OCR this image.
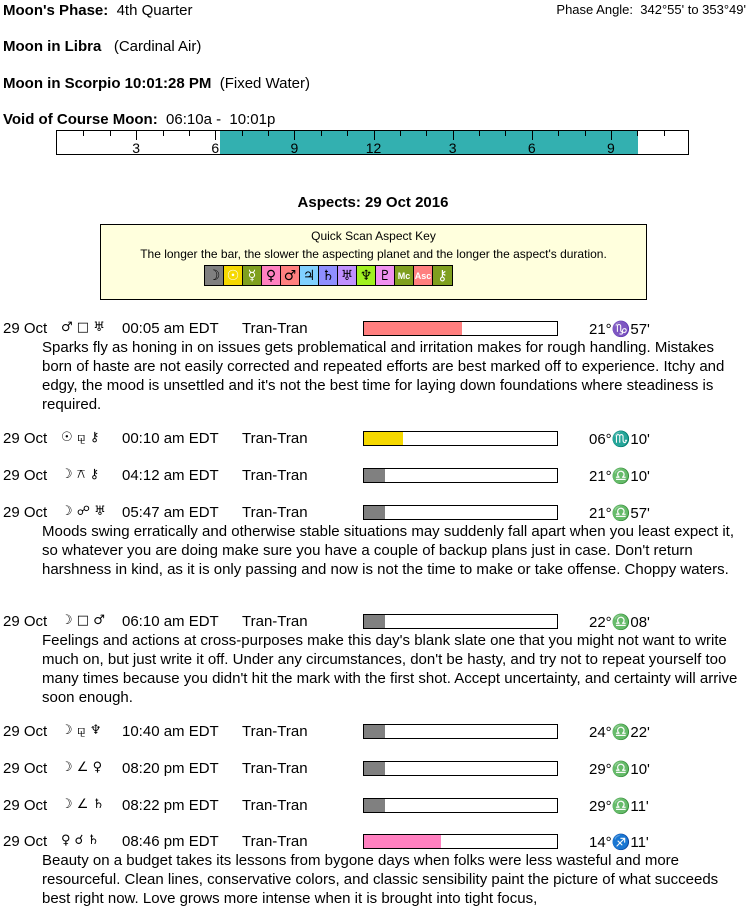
Moon's Phase: 4th Quarter	Phase Angle: 342°55' to 353°49'
Moon in Libra (Cardinal Air)
Moon in Scorpio 10:01:28 PM (Fixed Water)
Void of Course Moon: 06:10a -  10:01p
3	6	9	12	3	6	9
Aspects: 29 Oct 2016
Quick Scan Aspect Key
The longer the bar, the slower the aspecting planet and the longer the aspect's duration.
☽ ☉ ☿ ♀ ♂ ♃ ♄ ♅ ♆ ♇ Mc Asc ⚷
29 Oct ♂ □ ♅ 00:05 am EDT Tran-Tran	21°♑57'
Sparks fly as honing in on issues gets problematical and irritation makes for rough handling. Mistakes born of haste are not easily corrected and repeated efforts are best marked off to experience. Itchy and edgy, the mood is unsettled and it's not the best time for laying down foundations where steadiness is required.
29 Oct ☉ ⚼ ⚷ 00:10 am EDT Tran-Tran	06°♏10'
29 Oct ☽ ⚻ ⚷ 04:12 am EDT Tran-Tran	21°♎10'
29 Oct ☽ ☍ ♅ 05:47 am EDT Tran-Tran	21°♎57'
Moods swing erratically and otherwise stable situations may suddenly fall apart when you least expect it, so whatever you are doing make sure you have a couple of backup plans just in case. Don't return harshness in kind, as it is only passing and now is not the time to make or take offense. Choppy waters.
29 Oct ☽ □ ♂ 06:10 am EDT Tran-Tran	22°♎08'
Feelings and actions at cross-purposes make this day's blank slate one that you might not want to write much on, but just write it off. Under any circumstances, don't be hasty, and try not to repeat yourself too many times because you didn't hit the mark with the first shot. Accept uncertainty, and certainty will arrive soon enough.
29 Oct ☽ ⚼ ♆ 10:40 am EDT Tran-Tran	24°♎22'
29 Oct ☽ ∠ ♀ 08:20 pm EDT Tran-Tran	29°♎10'
29 Oct ☽ ∠ ♄ 08:22 pm EDT Tran-Tran	29°♎11'
29 Oct ♀ ☌ ♄ 08:46 pm EDT Tran-Tran	14°♐11'
Beauty on a budget takes its lessons from bygone days when folks were less wasteful and more resourceful. Clean lines, conservative colors, and classic sensibility paint the picture of what succeeds best right now. Love grows more intense when it is brought into tight focus,
